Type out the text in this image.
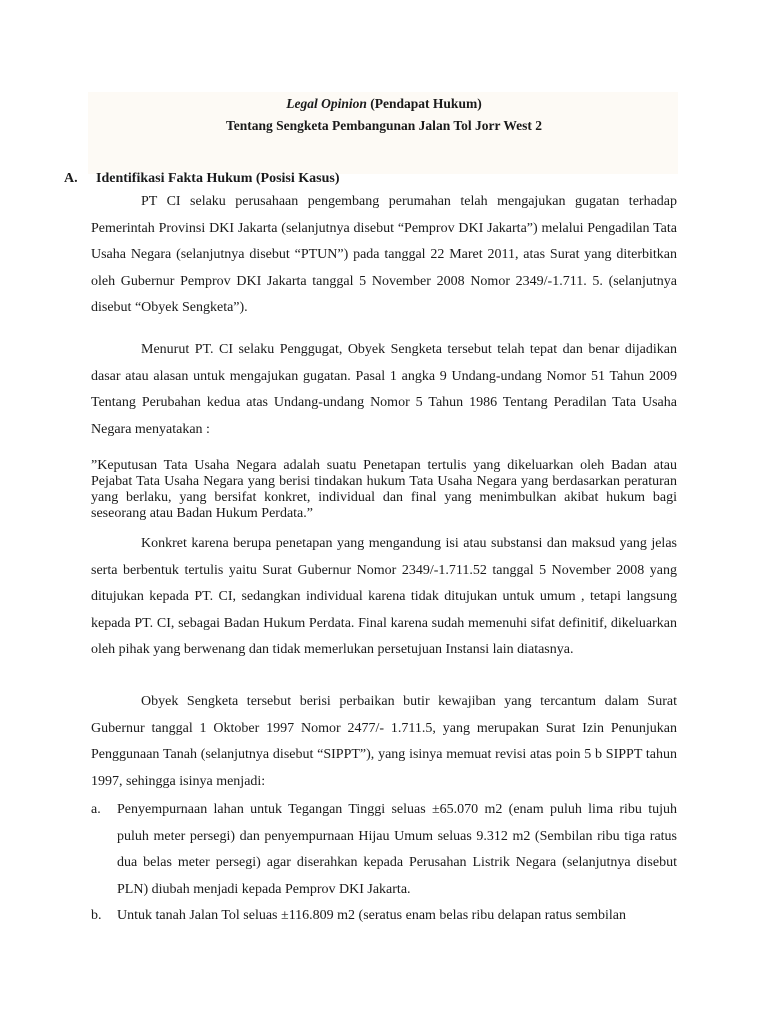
Legal Opinion (Pendapat Hukum)
Tentang Sengketa Pembangunan Jalan Tol Jorr West 2
A. Identifikasi Fakta Hukum (Posisi Kasus)

PT CI selaku perusahaan pengembang perumahan telah mengajukan gugatan terhadap Pemerintah Provinsi DKI Jakarta (selanjutnya disebut “Pemprov DKI Jakarta”) melalui Pengadilan Tata Usaha Negara (selanjutnya disebut “PTUN”) pada tanggal 22 Maret 2011, atas Surat yang diterbitkan oleh Gubernur Pemprov DKI Jakarta tanggal 5 November 2008 Nomor 2349/-1.711. 5. (selanjutnya disebut “Obyek Sengketa”).

Menurut PT. CI selaku Penggugat, Obyek Sengketa tersebut telah tepat dan benar dijadikan dasar atau alasan untuk mengajukan gugatan. Pasal 1 angka 9 Undang-undang Nomor 51 Tahun 2009 Tentang Perubahan kedua atas Undang-undang Nomor 5 Tahun 1986 Tentang Peradilan Tata Usaha Negara menyatakan :

”Keputusan Tata Usaha Negara adalah suatu Penetapan tertulis yang dikeluarkan oleh Badan atau Pejabat Tata Usaha Negara yang berisi tindakan hukum Tata Usaha Negara yang berdasarkan peraturan yang berlaku, yang bersifat konkret, individual dan final yang menimbulkan akibat hukum bagi seseorang atau Badan Hukum Perdata.”

Konkret karena berupa penetapan yang mengandung isi atau substansi dan maksud yang jelas serta berbentuk tertulis yaitu Surat Gubernur Nomor 2349/-1.711.52 tanggal 5 November 2008 yang ditujukan kepada PT. CI, sedangkan individual karena tidak ditujukan untuk umum , tetapi langsung kepada PT. CI, sebagai Badan Hukum Perdata. Final karena sudah memenuhi sifat definitif, dikeluarkan oleh pihak yang berwenang dan tidak memerlukan persetujuan Instansi lain diatasnya.

Obyek Sengketa tersebut berisi perbaikan butir kewajiban yang tercantum dalam Surat Gubernur tanggal 1 Oktober 1997 Nomor 2477/- 1.711.5, yang merupakan Surat Izin Penunjukan Penggunaan Tanah (selanjutnya disebut “SIPPT”), yang isinya memuat revisi atas poin 5 b SIPPT tahun 1997, sehingga isinya menjadi:

a.	Penyempurnaan lahan untuk Tegangan Tinggi seluas ±65.070 m2 (enam puluh lima ribu tujuh puluh meter persegi) dan penyempurnaan Hijau Umum seluas 9.312 m2 (Sembilan ribu tiga ratus dua belas meter persegi) agar diserahkan kepada Perusahan Listrik Negara (selanjutnya disebut PLN) diubah menjadi kepada Pemprov DKI Jakarta.
b.	Untuk tanah Jalan Tol seluas ±116.809 m2 (seratus enam belas ribu delapan ratus sembilan
